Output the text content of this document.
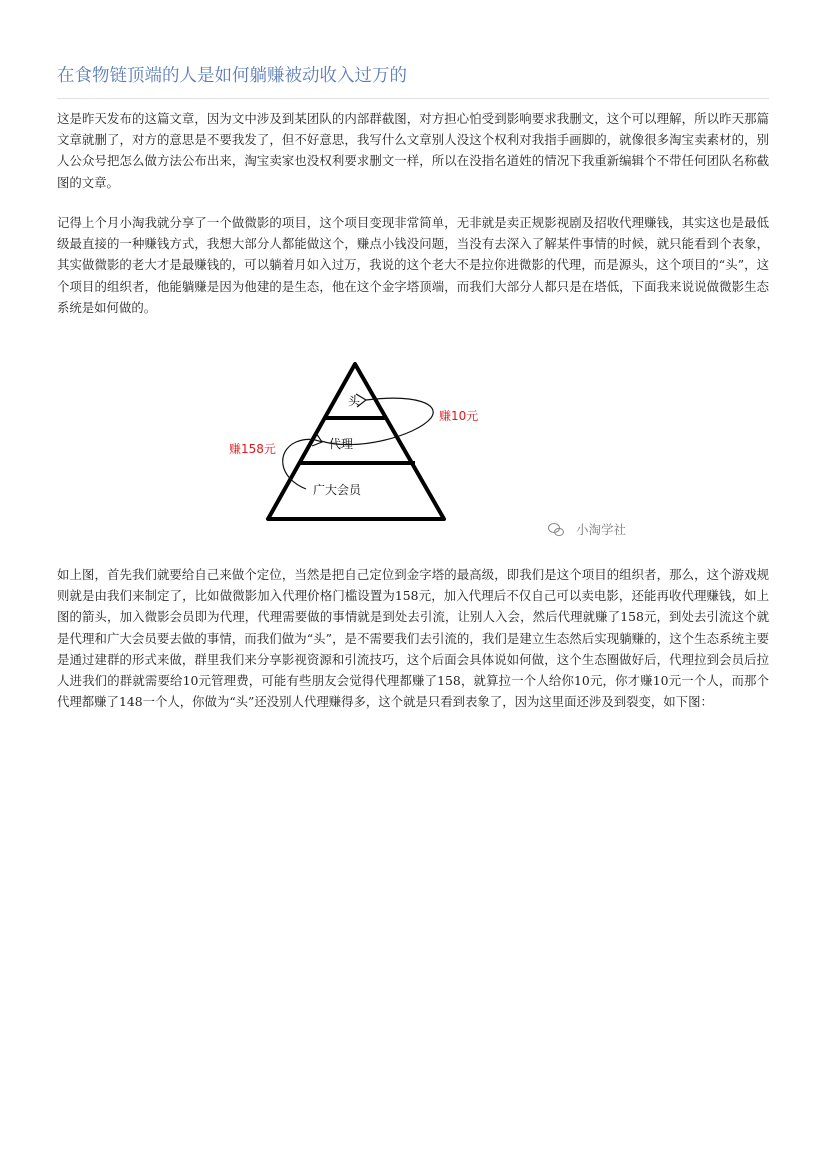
在食物链顶端的人是如何躺赚被动收入过万的

这是昨天发布的这篇文章，因为文中涉及到某团队的内部群截图，对方担心怕受到影响要求我删文，这个可以理解，所以昨天那篇文章就删了，对方的意思是不要我发了，但不好意思，我写什么文章别人没这个权利对我指手画脚的，就像很多淘宝卖素材的，别人公众号把怎么做方法公布出来，淘宝卖家也没权利要求删文一样，所以在没指名道姓的情况下我重新编辑个不带任何团队名称截图的文章。

记得上个月小淘我就分享了一个做微影的项目，这个项目变现非常简单，无非就是卖正规影视剧及招收代理赚钱，其实这也是最低级最直接的一种赚钱方式，我想大部分人都能做这个，赚点小钱没问题，当没有去深入了解某件事情的时候，就只能看到个表象，其实做微影的老大才是最赚钱的，可以躺着月如入过万，我说的这个老大不是拉你进微影的代理，而是源头，这个项目的“头”，这个项目的组织者，他能躺赚是因为他建的是生态，他在这个金字塔顶端，而我们大部分人都只是在塔低，下面我来说说做微影生态系统是如何做的。

头
代理
广大会员
赚10元
赚158元
小淘学社

如上图，首先我们就要给自己来做个定位，当然是把自己定位到金字塔的最高级，即我们是这个项目的组织者，那么，这个游戏规则就是由我们来制定了，比如做微影加入代理价格门槛设置为158元，加入代理后不仅自己可以卖电影，还能再收代理赚钱，如上图的箭头，加入微影会员即为代理，代理需要做的事情就是到处去引流，让别人入会，然后代理就赚了158元，到处去引流这个就是代理和广大会员要去做的事情，而我们做为“头”，是不需要我们去引流的，我们是建立生态然后实现躺赚的，这个生态系统主要是通过建群的形式来做，群里我们来分享影视资源和引流技巧，这个后面会具体说如何做，这个生态圈做好后，代理拉到会员后拉人进我们的群就需要给10元管理费，可能有些朋友会觉得代理都赚了158，就算拉一个人给你10元，你才赚10元一个人，而那个代理都赚了148一个人，你做为“头”还没别人代理赚得多，这个就是只看到表象了，因为这里面还涉及到裂变，如下图：
